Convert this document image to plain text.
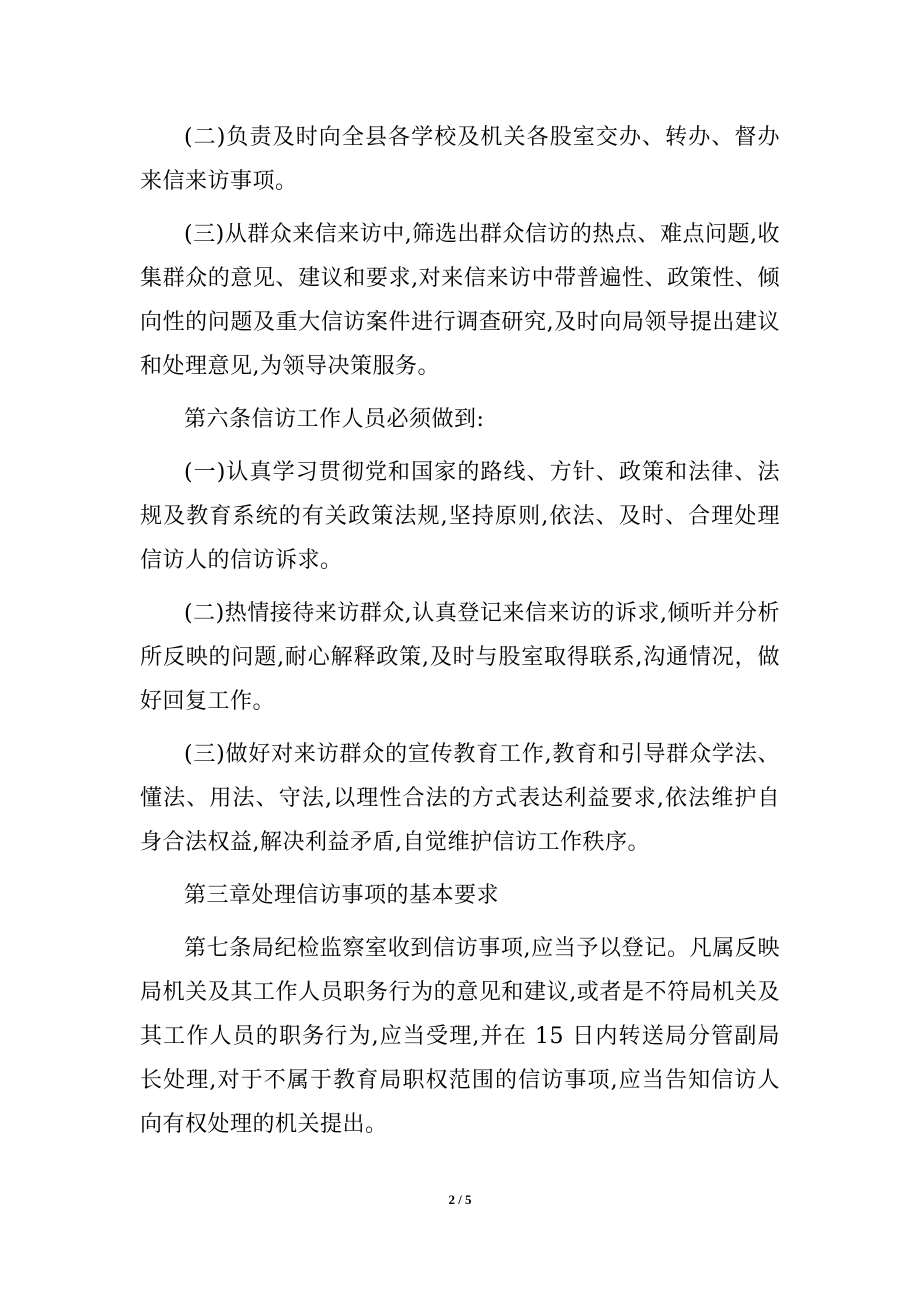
(二)负责及时向全县各学校及机关各股室交办、转办、督办来信来访事项。

(三)从群众来信来访中,筛选出群众信访的热点、难点问题,收集群众的意见、建议和要求,对来信来访中带普遍性、政策性、倾向性的问题及重大信访案件进行调查研究,及时向局领导提出建议和处理意见,为领导决策服务。

第六条信访工作人员必须做到:

(一)认真学习贯彻党和国家的路线、方针、政策和法律、法规及教育系统的有关政策法规,坚持原则,依法、及时、合理处理信访人的信访诉求。

(二)热情接待来访群众,认真登记来信来访的诉求,倾听并分析所反映的问题,耐心解释政策,及时与股室取得联系,沟通情况，做好回复工作。

(三)做好对来访群众的宣传教育工作,教育和引导群众学法、懂法、用法、守法,以理性合法的方式表达利益要求,依法维护自身合法权益,解决利益矛盾,自觉维护信访工作秩序。

第三章处理信访事项的基本要求

第七条局纪检监察室收到信访事项,应当予以登记。凡属反映局机关及其工作人员职务行为的意见和建议,或者是不符局机关及其工作人员的职务行为,应当受理,并在 15 日内转送局分管副局长处理,对于不属于教育局职权范围的信访事项,应当告知信访人向有权处理的机关提出。

2 / 5
